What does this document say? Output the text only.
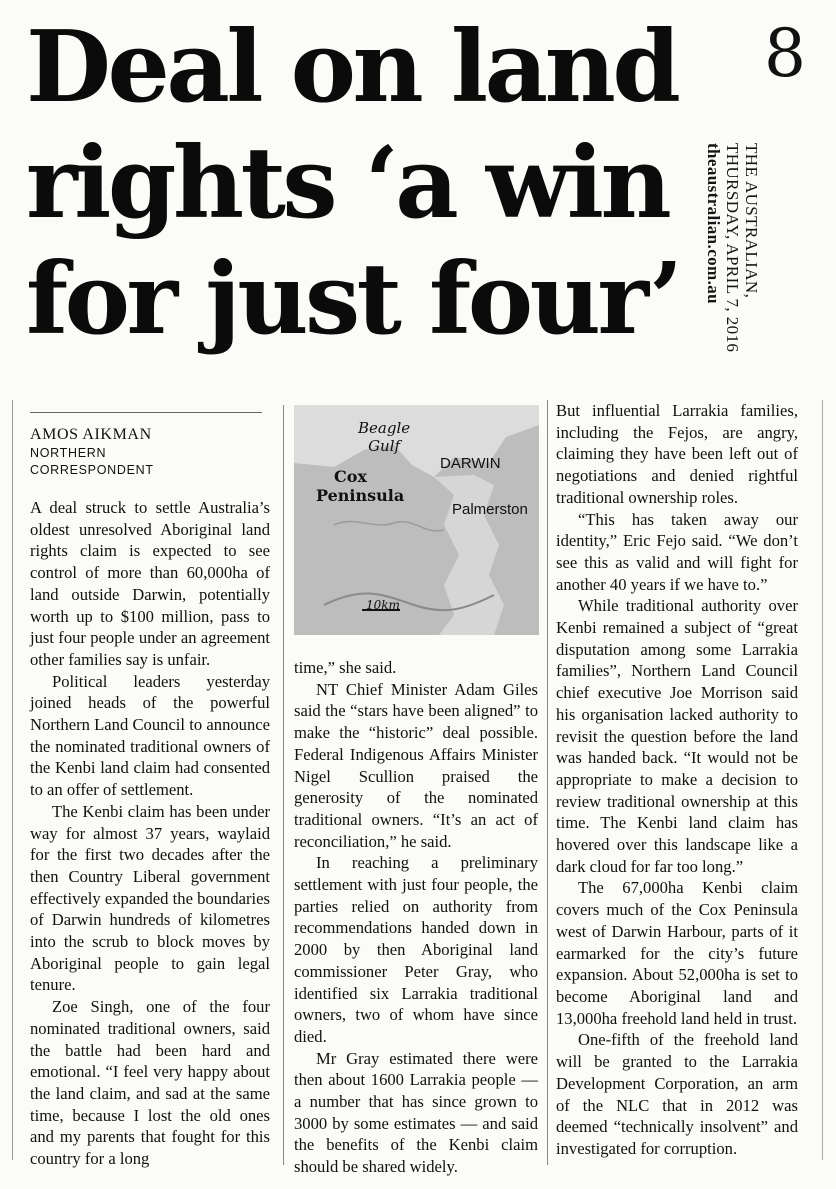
Deal on land
rights ‘a win
for just four’
8
THE AUSTRALIAN,
THURSDAY, APRIL 7, 2016
theaustralian.com.au
AMOS AIKMAN
NORTHERN
CORRESPONDENT
Beagle
Gulf
Cox
Peninsula
DARWIN
Palmerston
10km

A deal struck to settle Australia’s oldest unresolved Aboriginal land rights claim is expected to see control of more than 60,000ha of land outside Darwin, potentially worth up to $100 million, pass to just four people under an agreement other families say is unfair.

Political leaders yesterday joined heads of the powerful Northern Land Council to announce the nominated traditional owners of the Kenbi land claim had consented to an offer of settlement.

The Kenbi claim has been under way for almost 37 years, waylaid for the first two decades after the then Country Liberal government effectively expanded the boundaries of Darwin hundreds of kilometres into the scrub to block moves by Aboriginal people to gain legal tenure.

Zoe Singh, one of the four nominated traditional owners, said the battle had been hard and emotional. “I feel very happy about the land claim, and sad at the same time, because I lost the old ones and my parents that fought for this country for a long

time,” she said.

NT Chief Minister Adam Giles said the “stars have been aligned” to make the “historic” deal possible. Federal Indigenous Affairs Minister Nigel Scullion praised the generosity of the nominated traditional owners. “It’s an act of reconciliation,” he said.

In reaching a preliminary settlement with just four people, the parties relied on authority from recommendations handed down in 2000 by then Aboriginal land commissioner Peter Gray, who identified six Larrakia traditional owners, two of whom have since died.

Mr Gray estimated there were then about 1600 Larrakia people — a number that has since grown to 3000 by some estimates — and said the benefits of the Kenbi claim should be shared widely.

But influential Larrakia families, including the Fejos, are angry, claiming they have been left out of negotiations and denied rightful traditional ownership roles.

“This has taken away our identity,” Eric Fejo said. “We don’t see this as valid and will fight for another 40 years if we have to.”

While traditional authority over Kenbi remained a subject of “great disputation among some Larrakia families”, Northern Land Council chief executive Joe Morrison said his organisation lacked authority to revisit the question before the land was handed back. “It would not be appropriate to make a decision to review traditional ownership at this time. The Kenbi land claim has hovered over this landscape like a dark cloud for far too long.”

The 67,000ha Kenbi claim covers much of the Cox Peninsula west of Darwin Harbour, parts of it earmarked for the city’s future expansion. About 52,000ha is set to become Aboriginal land and 13,000ha freehold land held in trust.

One-fifth of the freehold land will be granted to the Larrakia Development Corporation, an arm of the NLC that in 2012 was deemed “technically insolvent” and investigated for corruption.
